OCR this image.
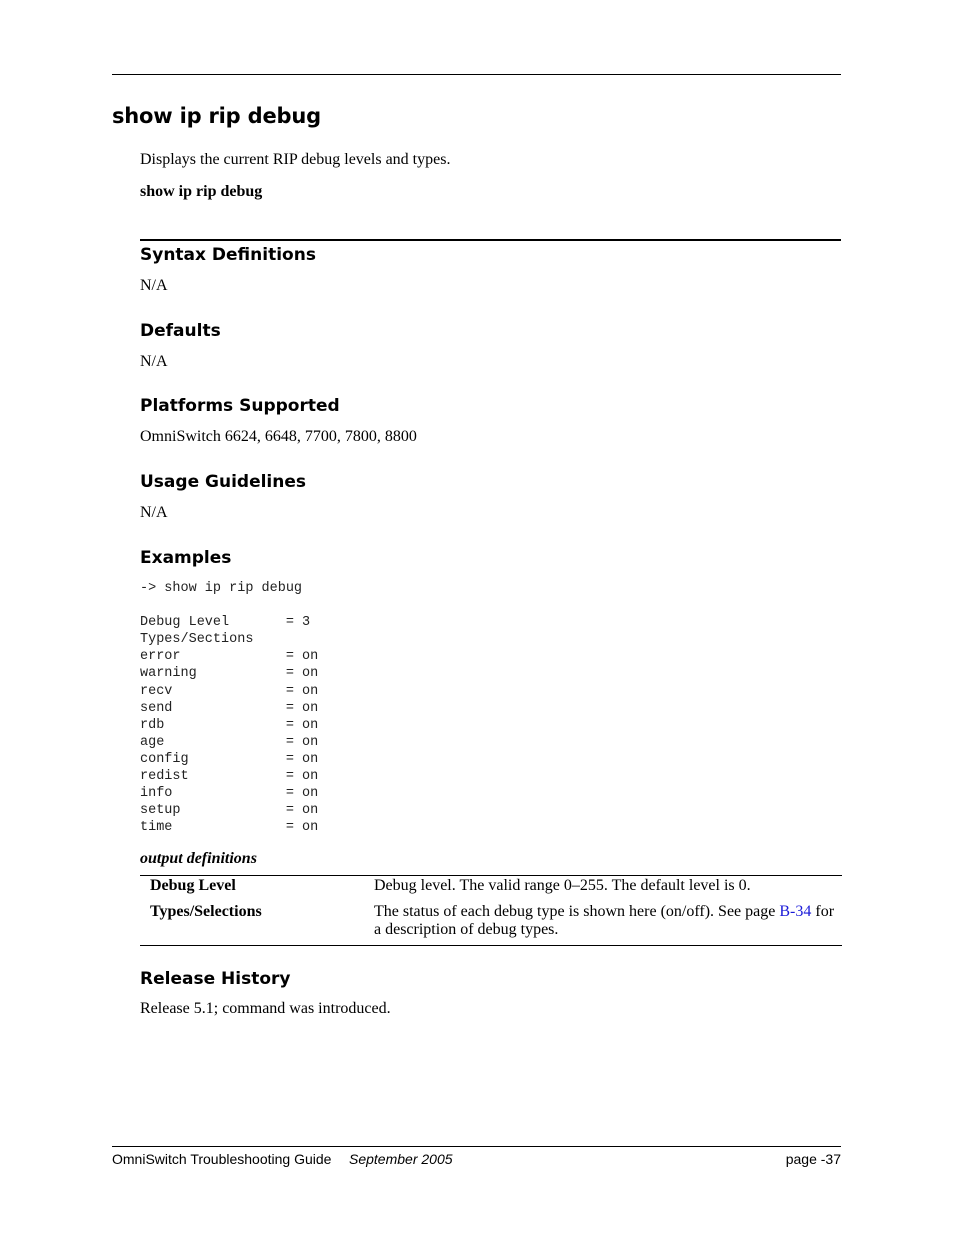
show ip rip debug

Displays the current RIP debug levels and types.

show ip rip debug

Syntax Definitions

N/A

Defaults

N/A

Platforms Supported

OmniSwitch 6624, 6648, 7700, 7800, 8800

Usage Guidelines

N/A

Examples
-> show ip rip debug

Debug Level       = 3
Types/Sections
error             = on
warning           = on
recv              = on
send              = on
rdb               = on
age               = on
config            = on
redist            = on
info              = on
setup             = on
time              = on

output definitions

Debug Level	Debug level. The valid range 0–255. The default level is 0.
Types/Selections	The status of each debug type is shown here (on/off). See page B-34 for a description of debug types.
Release History

Release 5.1; command was introduced.

OmniSwitch Troubleshooting Guide September 2005	page -37
